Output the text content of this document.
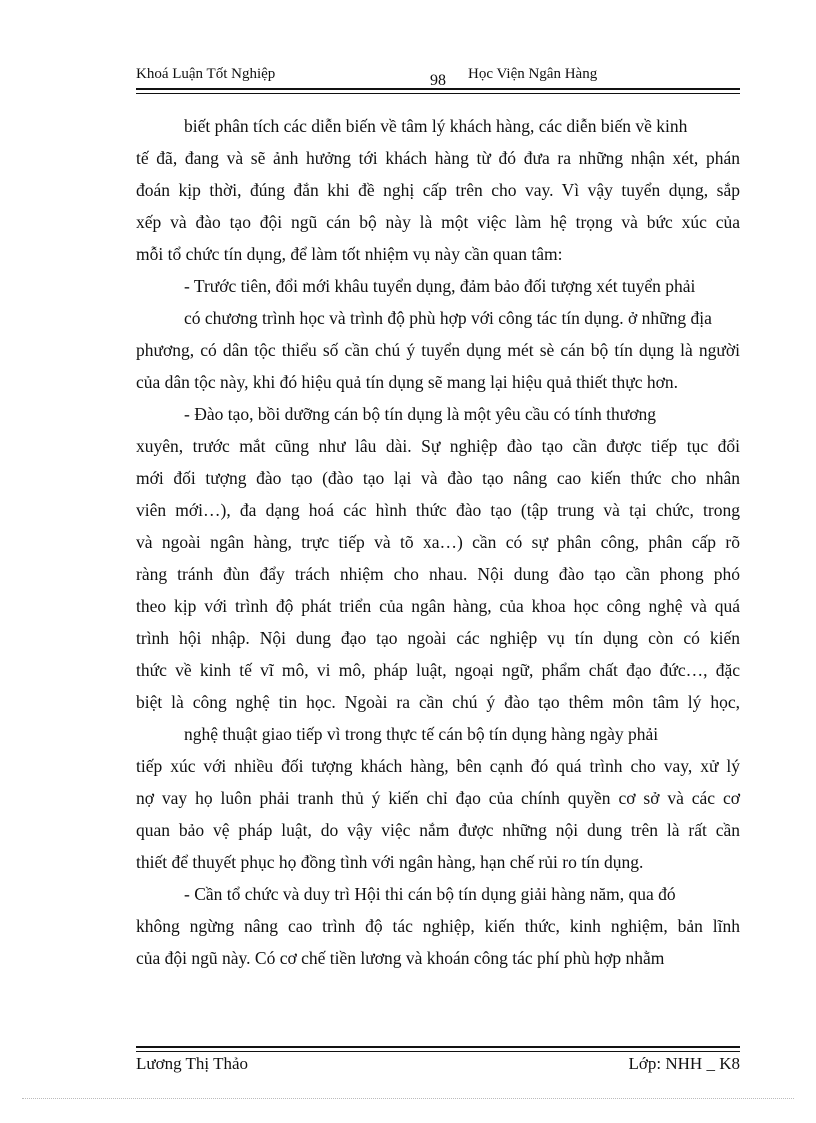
Khoá Luận Tốt Nghiệp	98 Học Viện Ngân Hàng
biết phân tích các diễn biến về tâm lý khách hàng, các diễn biến về kinh
tế đã, đang và sẽ ảnh hưởng tới khách hàng từ đó đưa ra những nhận xét, phán
đoán kịp thời, đúng đắn khi đề nghị cấp trên cho vay. Vì vậy tuyển dụng, sắp
xếp và đào tạo đội ngũ cán bộ này là một việc làm hệ trọng và bức xúc của
mỗi tổ chức tín dụng, để làm tốt nhiệm vụ này cần quan tâm:
- Trước tiên, đổi mới khâu tuyển dụng, đảm bảo đối tượng xét tuyển phải
có chương trình học và trình độ phù hợp với công tác tín dụng. ở những địa
phương, có dân tộc thiểu số cần chú ý tuyển dụng mét sè cán bộ tín dụng là người
của dân tộc này, khi đó hiệu quả tín dụng sẽ mang lại hiệu quả thiết thực hơn.
- Đào tạo, bồi dưỡng cán bộ tín dụng là một yêu cầu có tính thương
xuyên, trước mắt cũng như lâu dài. Sự nghiệp đào tạo cần được tiếp tục đổi
mới đối tượng đào tạo (đào tạo lại và đào tạo nâng cao kiến thức cho nhân
viên mới…), đa dạng hoá các hình thức đào tạo (tập trung và tại chức, trong
và ngoài ngân hàng, trực tiếp và tõ xa…) cần có sự phân công, phân cấp rõ
ràng tránh đùn đẩy trách nhiệm cho nhau. Nội dung đào tạo cần phong phó
theo kịp với trình độ phát triển của ngân hàng, của khoa học công nghệ và quá
trình hội nhập. Nội dung đạo tạo ngoài các nghiệp vụ tín dụng còn có kiến
thức về kinh tế vĩ mô, vi mô, pháp luật, ngoại ngữ, phẩm chất đạo đức…, đặc
biệt là công nghệ tin học. Ngoài ra cần chú ý đào tạo thêm môn tâm lý học,
nghệ thuật giao tiếp vì trong thực tế cán bộ tín dụng hàng ngày phải
tiếp xúc với nhiều đối tượng khách hàng, bên cạnh đó quá trình cho vay, xử lý
nợ vay họ luôn phải tranh thủ ý kiến chỉ đạo của chính quyền cơ sở và các cơ
quan bảo vệ pháp luật, do vậy việc nắm được những nội dung trên là rất cần
thiết để thuyết phục họ đồng tình với ngân hàng, hạn chế rủi ro tín dụng.
- Cần tổ chức và duy trì Hội thi cán bộ tín dụng giải hàng năm, qua đó
không ngừng nâng cao trình độ tác nghiệp, kiến thức, kinh nghiệm, bản lĩnh
của đội ngũ này. Có cơ chế tiền lương và khoán công tác phí phù hợp nhằm
Lương Thị Thảo	Lớp: NHH _ K8
